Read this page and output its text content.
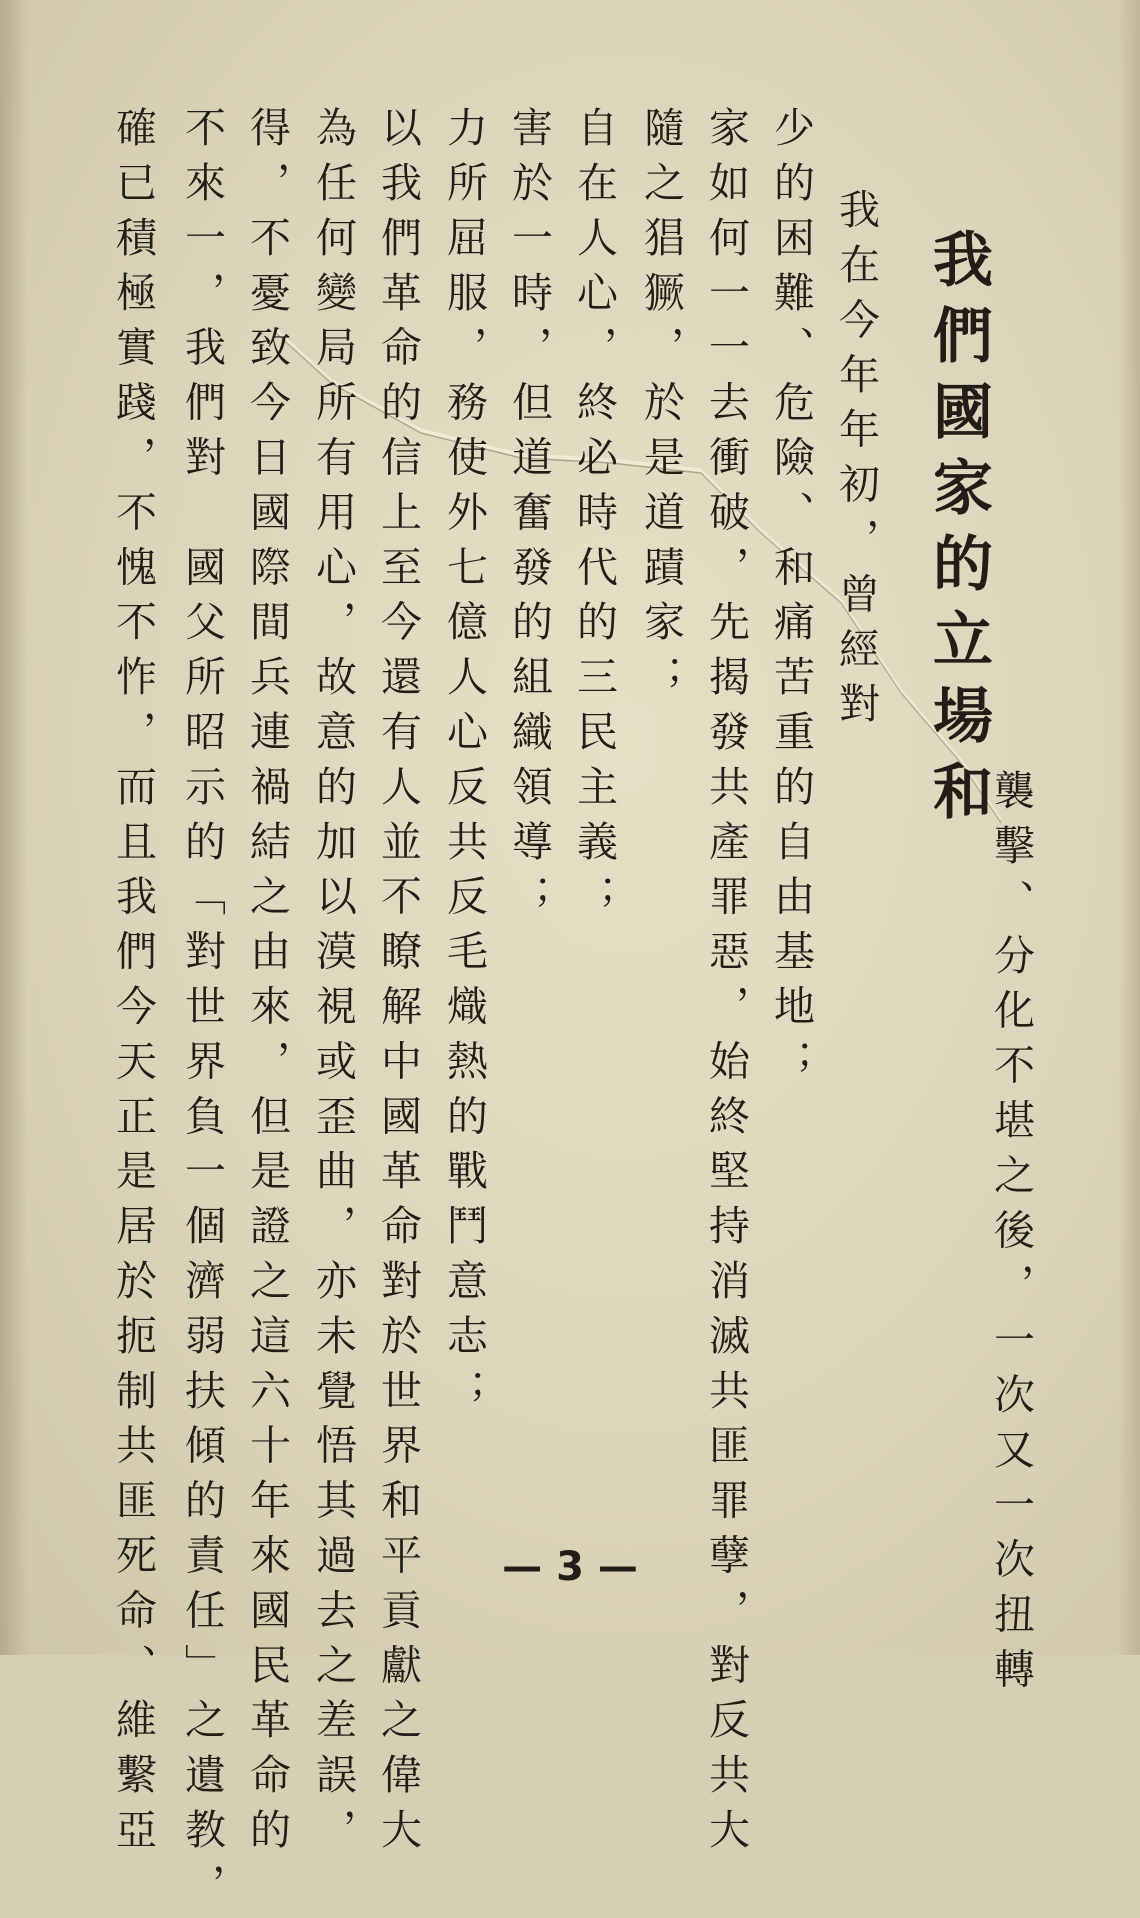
我們國家的立場和
襲擊、分化不堪之後，一次又一次扭轉
我在今年年初，曾經對
少的困難、危險、和痛苦重的自由基地；
家如何一一去衝破，先揭發共產罪惡，始終堅持消滅共匪罪孽，對反共大
隨之猖獗，於是道蹟家；
自在人心，終必時代的三民主義；
害於一時，但道奮發的組織領導；
力所屈服，務使外七億人心反共反毛熾熱的戰鬥意志；
以我們革命的信上至今還有人並不瞭解中國革命對於世界和平貢獻之偉大
為任何變局所有用心，故意的加以漠視或歪曲，亦未覺悟其過去之差誤，
得，不憂致今日國際間兵連禍結之由來，但是證之這六十年來國民革命的
不來一，我們對　國父所昭示的「對世界負一個濟弱扶傾的責任」之遺教，
確已積極實踐，不愧不怍，而且我們今天正是居於扼制共匪死命、維繫亞	— 3 —
